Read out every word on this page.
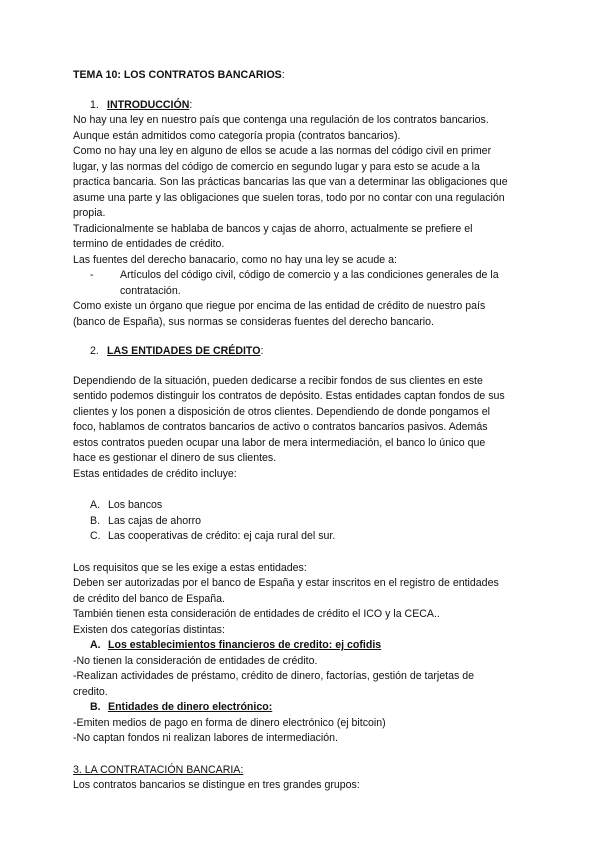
TEMA 10: LOS CONTRATOS BANCARIOS:

1. INTRODUCCIÓN:

No hay una ley en nuestro país que contenga una regulación de los contratos bancarios.

Aunque están admitidos como categoría propia (contratos bancarios).

Como no hay una ley en alguno de ellos se acude a las normas del código civil en primer

lugar, y las normas del código de comercio en segundo lugar y para esto se acude a la

practica bancaria. Son las prácticas bancarias las que van a determinar las obligaciones que

asume una parte y las obligaciones que suelen toras, todo por no contar con una regulación

propia.

Tradicionalmente se hablaba de bancos y cajas de ahorro, actualmente se prefiere el

termino de entidades de crédito.

Las fuentes del derecho banacario, como no hay una ley se acude a:

-	Artículos del código civil, código de comercio y a las condiciones generales de la

contratación.

Como existe un órgano que riegue por encima de las entidad de crédito de nuestro país

(banco de España), sus normas se consideras fuentes del derecho bancario.

2. LAS ENTIDADES DE CRÉDITO:

Dependiendo de la situación, pueden dedicarse a recibir fondos de sus clientes en este

sentido podemos distinguir los contratos de depósito. Estas entidades captan fondos de sus

clientes y los ponen a disposición de otros clientes. Dependiendo de donde pongamos el

foco, hablamos de contratos bancarios de activo o contratos bancarios pasivos. Además

estos contratos pueden ocupar una labor de mera intermediación, el banco lo único que

hace es gestionar el dinero de sus clientes.

Estas entidades de crédito incluye:

A. Los bancos
B. Las cajas de ahorro
C. Las cooperativas de crédito: ej caja rural del sur.

Los requisitos que se les exige a estas entidades:

Deben ser autorizadas por el banco de España y estar inscritos en el registro de entidades

de crédito del banco de España.

También tienen esta consideración de entidades de crédito el ICO y la CECA..

Existen dos categorías distintas:

A. Los establecimientos financieros de credito: ej cofidis

-No tienen la consideración de entidades de crédito.

-Realizan actividades de préstamo, crédito de dinero, factorías, gestión de tarjetas de

credito.

B. Entidades de dinero electrónico:

-Emiten medios de pago en forma de dinero electrónico (ej bitcoin)

-No captan fondos ni realizan labores de intermediación.

3. LA CONTRATACIÓN BANCARIA:

Los contratos bancarios se distingue en tres grandes grupos:
